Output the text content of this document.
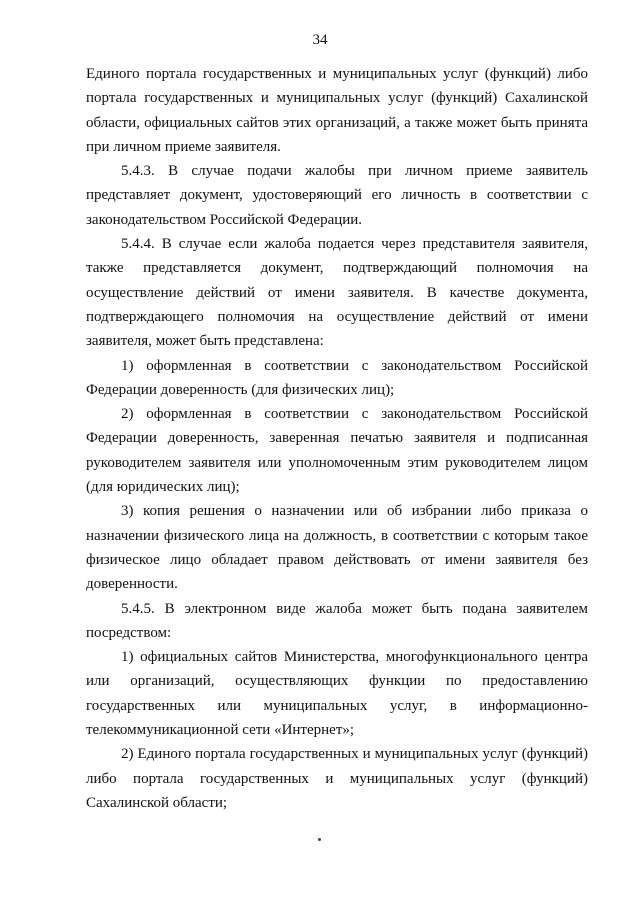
34

Единого портала государственных и муниципальных услуг (функций) либо
портала государственных и муниципальных услуг (функций) Сахалинской
области, официальных сайтов этих организаций, а также может быть принята
при личном приеме заявителя.

5.4.3. В случае подачи жалобы при личном приеме заявитель
представляет документ, удостоверяющий его личность в соответствии с
законодательством Российской Федерации.

5.4.4. В случае если жалоба подается через представителя заявителя,
также представляется документ, подтверждающий полномочия на
осуществление действий от имени заявителя. В качестве документа,
подтверждающего полномочия на осуществление действий от имени
заявителя, может быть представлена:

1) оформленная в соответствии с законодательством Российской
Федерации доверенность (для физических лиц);

2) оформленная в соответствии с законодательством Российской
Федерации доверенность, заверенная печатью заявителя и подписанная
руководителем заявителя или уполномоченным этим руководителем лицом
(для юридических лиц);

3) копия решения о назначении или об избрании либо приказа о
назначении физического лица на должность, в соответствии с которым такое
физическое лицо обладает правом действовать от имени заявителя без
доверенности.

5.4.5. В электронном виде жалоба может быть подана заявителем
посредством:

1) официальных сайтов Министерства, многофункционального центра
или организаций, осуществляющих функции по предоставлению
государственных или муниципальных услуг, в информационно-
телекоммуникационной сети «Интернет»;

2) Единого портала государственных и муниципальных услуг (функций)
либо портала государственных и муниципальных услуг (функций)
Сахалинской области;
